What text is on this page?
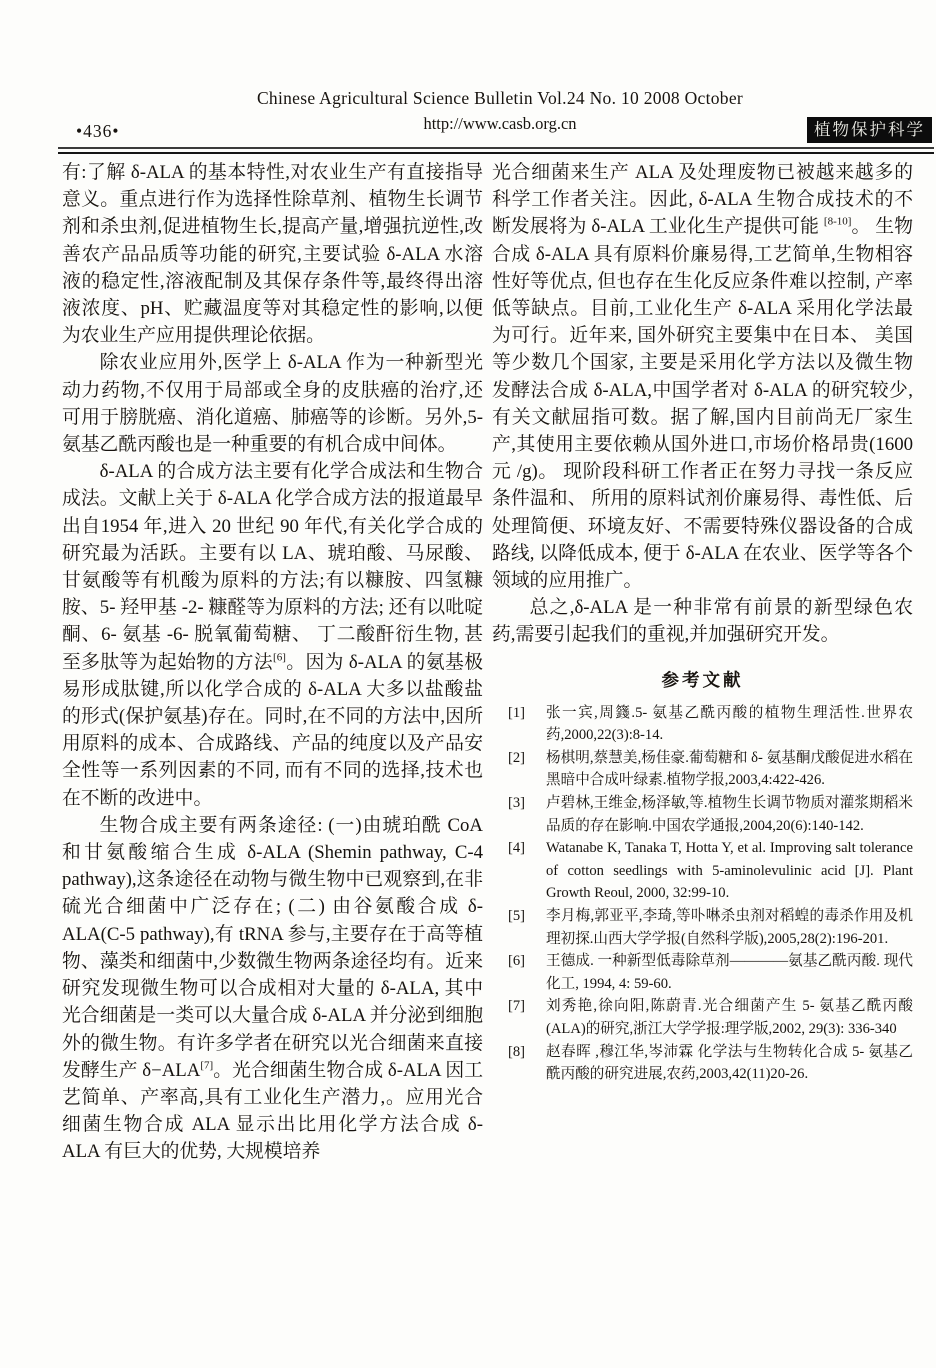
Chinese Agricultural Science Bulletin Vol.24 No. 10 2008 October
http://www.casb.org.cn
•436•	植物保护科学

有:了解 δ-ALA 的基本特性,对农业生产有直接指导意义。重点进行作为选择性除草剂、植物生长调节剂和杀虫剂,促进植物生长,提高产量,增强抗逆性,改善农产品品质等功能的研究,主要试验 δ-ALA 水溶液的稳定性,溶液配制及其保存条件等,最终得出溶液浓度、pH、贮藏温度等对其稳定性的影响,以便为农业生产应用提供理论依据。

除农业应用外,医学上 δ-ALA 作为一种新型光动力药物,不仅用于局部或全身的皮肤癌的治疗,还可用于膀胱癌、消化道癌、肺癌等的诊断。另外,5- 氨基乙酰丙酸也是一种重要的有机合成中间体。

δ-ALA 的合成方法主要有化学合成法和生物合成法。文献上关于 δ-ALA 化学合成方法的报道最早出自1954 年,进入 20 世纪 90 年代,有关化学合成的研究最为活跃。主要有以 LA、琥珀酸、马尿酸、甘氨酸等有机酸为原料的方法;有以糠胺、四氢糠胺、5- 羟甲基 -2- 糠醛等为原料的方法; 还有以吡啶酮、6- 氨基 -6- 脱氧葡萄糖、 丁二酸酐衍生物, 甚至多肽等为起始物的方法[6]。因为 δ-ALA 的氨基极易形成肽键,所以化学合成的 δ-ALA 大多以盐酸盐的形式(保护氨基)存在。同时,在不同的方法中,因所用原料的成本、合成路线、产品的纯度以及产品安全性等一系列因素的不同, 而有不同的选择,技术也在不断的改进中。

生物合成主要有两条途径: (一)由琥珀酰 CoA 和甘氨酸缩合生成 δ-ALA (Shemin pathway, C-4 pathway),这条途径在动物与微生物中已观察到,在非硫光合细菌中广泛存在; (二) 由谷氨酸合成 δ-ALA(C-5 pathway),有 tRNA 参与,主要存在于高等植物、藻类和细菌中,少数微生物两条途径均有。近来研究发现微生物可以合成相对大量的 δ-ALA, 其中光合细菌是一类可以大量合成 δ-ALA 并分泌到细胞外的微生物。有许多学者在研究以光合细菌来直接发酵生产 δ−ALA[7]。光合细菌生物合成 δ-ALA 因工艺简单、产率高,具有工业化生产潜力,。应用光合细菌生物合成 ALA 显示出比用化学方法合成 δ-ALA 有巨大的优势, 大规模培养

光合细菌来生产 ALA 及处理废物已被越来越多的科学工作者关注。因此, δ-ALA 生物合成技术的不断发展将为 δ-ALA 工业化生产提供可能 [8-10]。 生物合成 δ-ALA 具有原料价廉易得,工艺简单,生物相容性好等优点, 但也存在生化反应条件难以控制, 产率低等缺点。目前,工业化生产 δ-ALA 采用化学法最为可行。近年来, 国外研究主要集中在日本、 美国等少数几个国家, 主要是采用化学方法以及微生物发酵法合成 δ-ALA,中国学者对 δ-ALA 的研究较少,有关文献屈指可数。据了解,国内目前尚无厂家生产,其使用主要依赖从国外进口,市场价格昂贵(1600 元 /g)。 现阶段科研工作者正在努力寻找一条反应条件温和、 所用的原料试剂价廉易得、毒性低、后处理简便、环境友好、不需要特殊仪器设备的合成路线, 以降低成本, 便于 δ-ALA 在农业、医学等各个领域的应用推广。

总之,δ-ALA 是一种非常有前景的新型绿色农药,需要引起我们的重视,并加强研究开发。

参考文献
[1]	张一宾,周籛.5- 氨基乙酰丙酸的植物生理活性.世界农药,2000,22(3):8-14.
[2]	杨棋明,蔡慧美,杨佳豪.葡萄糖和 δ- 氨基酮戊酸促进水稻在黑暗中合成叶绿素.植物学报,2003,4:422-426.
[3]	卢碧林,王维金,杨泽敏,等.植物生长调节物质对灌浆期稻米品质的存在影响.中国农学通报,2004,20(6):140-142.
[4]	Watanabe K, Tanaka T, Hotta Y, et al. Improving salt tolerance of cotton seedlings with 5-aminolevulinic acid [J]. Plant Growth Reoul, 2000, 32:99-10.
[5]	李月梅,郭亚平,李琦,等卟啉杀虫剂对稻蝗的毒杀作用及机理初探.山西大学学报(自然科学版),2005,28(2):196-201.
[6]	王德成. 一种新型低毒除草剂————氨基乙酰丙酸. 现代化工, 1994, 4: 59-60.
[7]	刘秀艳,徐向阳,陈蔚青.光合细菌产生 5- 氨基乙酰丙酸(ALA)的研究,浙江大学学报:理学版,2002, 29(3): 336-340
[8]	赵春晖 ,穆江华,岑沛霖 化学法与生物转化合成 5- 氨基乙酰丙酸的研究进展,农药,2003,42(11)20-26.
